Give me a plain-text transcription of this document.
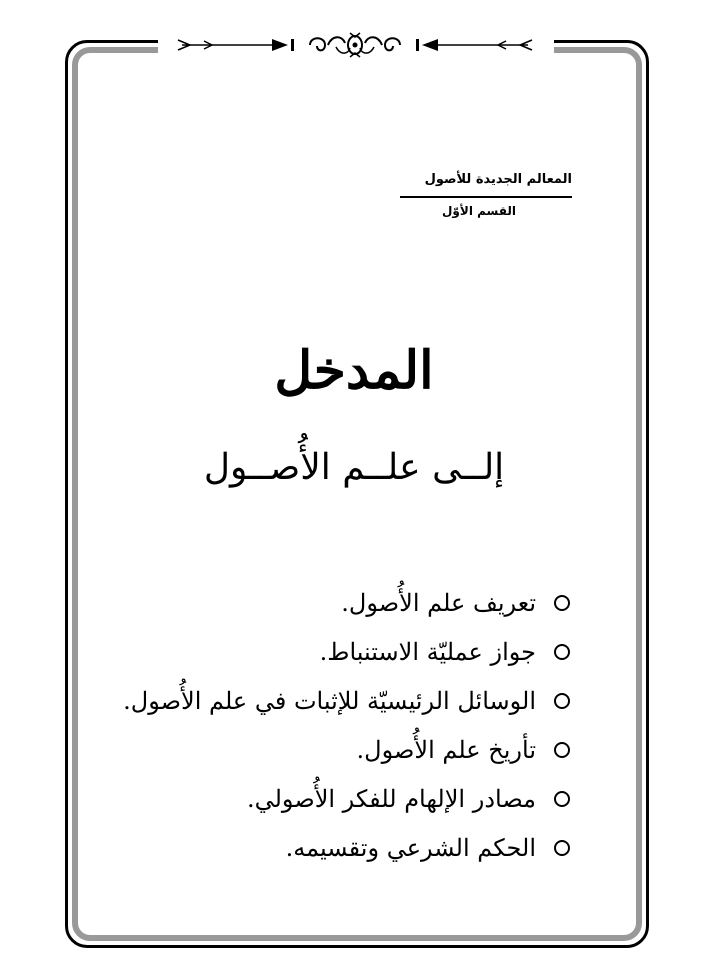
المعالم الجديدة للأصول
القسم الأوّل
المدخل
إلــى علــم الأُصــول
تعريف علم الأُصول.
جواز عمليّة الاستنباط.
الوسائل الرئيسيّة للإثبات في علم الأُصول.
تأريخ علم الأُصول.
مصادر الإلهام للفكر الأُصولي.
الحكم الشرعي وتقسيمه.
